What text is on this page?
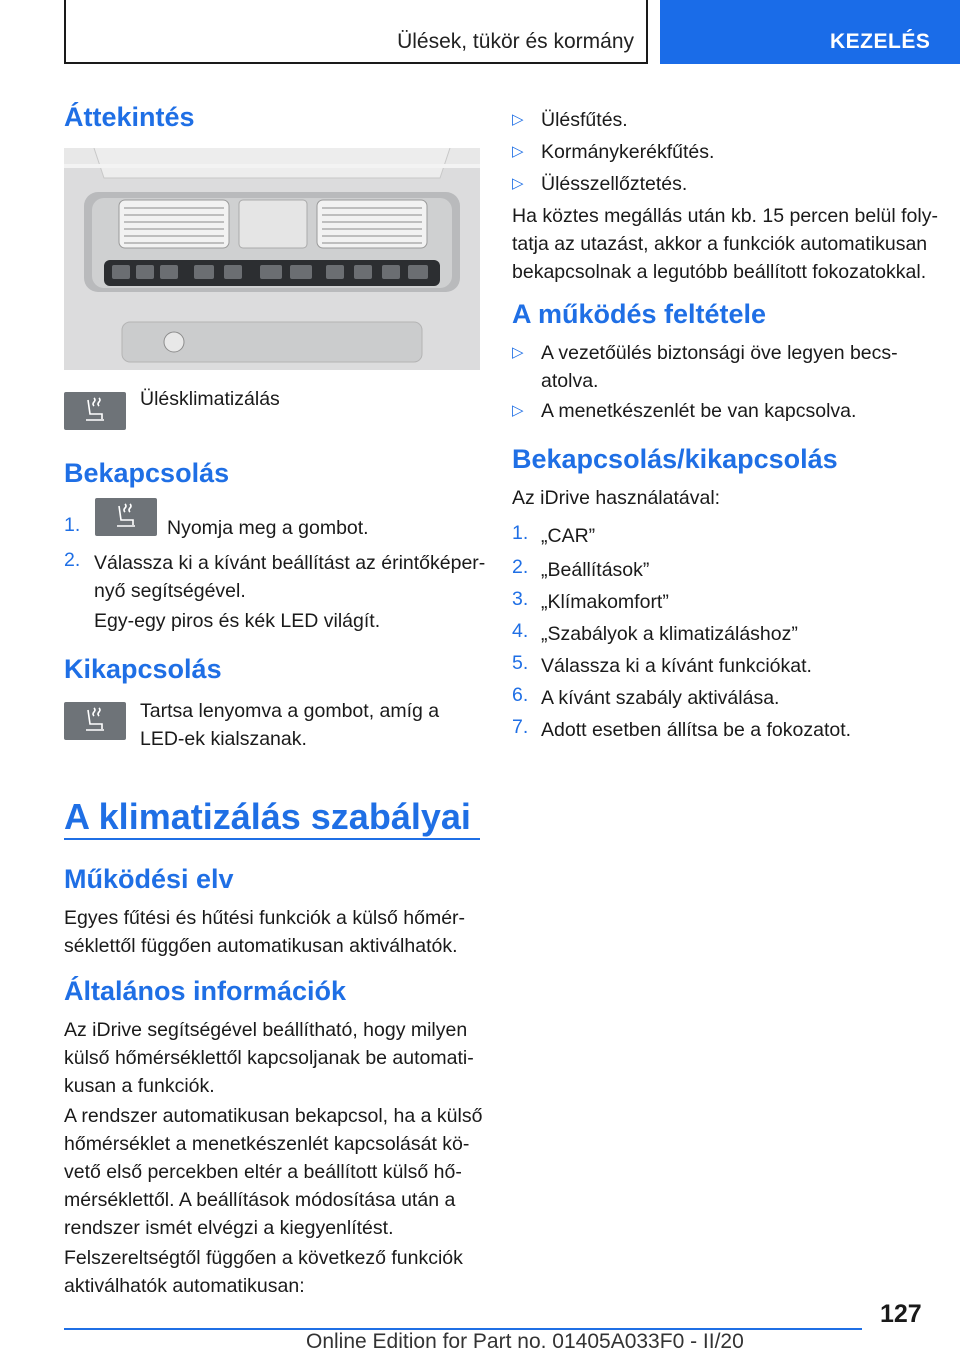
Ülések, tükör és kormány	KEZELÉS
Áttekintés

Ülésklimatizálás

Bekapcsolás
1.	Nyomja meg a gombot.

2. Válassza ki a kívánt beállítást az érintőképer-

nyő segítségével.

Egy-egy piros és kék LED világít.

Kikapcsolás

Tartsa lenyomva a gombot, amíg a

LED-ek kialszanak.

A klimatizálás szabályai
Működési elv

Egyes fűtési és hűtési funkciók a külső hőmér-

séklettől függően automatikusan aktiválhatók.

Általános információk

Az iDrive segítségével beállítható, hogy milyen

külső hőmérséklettől kapcsoljanak be automati-

kusan a funkciók.

A rendszer automatikusan bekapcsol, ha a külső

hőmérséklet a menetkészenlét kapcsolását kö-

vető első percekben eltér a beállított külső hő-

mérséklettől. A beállítások módosítása után a

rendszer ismét elvégzi a kiegyenlítést.

Felszereltségtől függően a következő funkciók

aktiválhatók automatikusan:

▷ Ülésfűtés.

▷ Kormánykerékfűtés.

▷ Ülésszellőztetés.

Ha köztes megállás után kb. 15 percen belül foly-

tatja az utazást, akkor a funkciók automatikusan

bekapcsolnak a legutóbb beállított fokozatokkal.

A működés feltétele
▷ A vezetőülés biztonsági öve legyen becs-

atolva.

▷ A menetkészenlét be van kapcsolva.

Bekapcsolás/kikapcsolás

Az iDrive használatával:

1. „CAR”

2. „Beállítások”

3. „Klímakomfort”

4. „Szabályok a klimatizáláshoz”

5. Válassza ki a kívánt funkciókat.

6. A kívánt szabály aktiválása.

7. Adott esetben állítsa be a fokozatot.

127
Online Edition for Part no. 01405A033F0 - II/20
